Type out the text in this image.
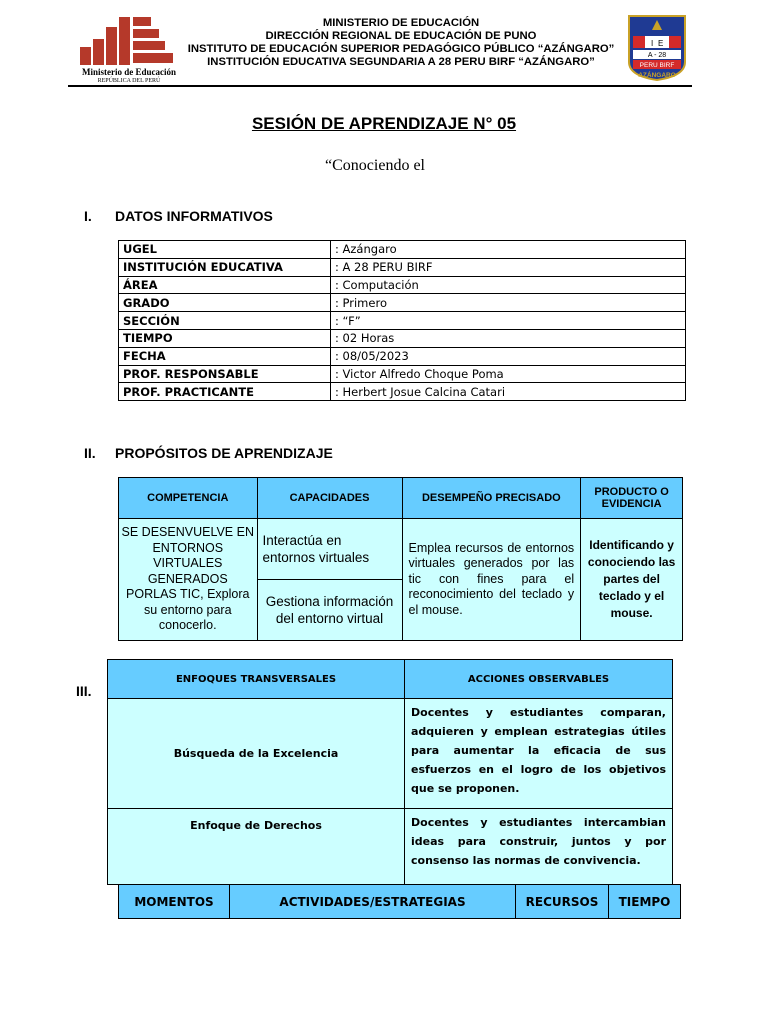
Ministerio de Educación
REPÚBLICA DEL PERÚ
MINISTERIO DE EDUCACIÓN
DIRECCIÓN REGIONAL DE EDUCACIÓN DE PUNO
INSTITUTO DE EDUCACIÓN SUPERIOR PEDAGÓGICO PÚBLICO “AZÁNGARO”
INSTITUCIÓN EDUCATIVA SEGUNDARIA A 28 PERU BIRF “AZÁNGARO”
I E
A - 28
PERU BIRF
AZÁNGARO
SESIÓN DE APRENDIZAJE N° 05
“Conociendo el
I. DATOS INFORMATIVOS
UGEL	: Azángaro
INSTITUCIÓN EDUCATIVA	: A 28 PERU BIRF
ÁREA	: Computación
GRADO	: Primero
SECCIÓN	: “F”
TIEMPO	: 02 Horas
FECHA	: 08/05/2023
PROF. RESPONSABLE	: Victor Alfredo Choque Poma
PROF. PRACTICANTE	: Herbert Josue Calcina Catari
II. PROPÓSITOS DE APRENDIZAJE
COMPETENCIA	CAPACIDADES	DESEMPEÑO PRECISADO	PRODUCTO O EVIDENCIA
SE DESENVUELVE EN ENTORNOS VIRTUALES GENERADOS PORLAS TIC, Explora su entorno para conocerlo.	Interactúa en entornos virtuales	Emplea recursos de entornos virtuales generados por las tic con fines para el reconocimiento del teclado y el mouse.	Identificando y conociendo las partes del teclado y el mouse.
	Gestiona información del entorno virtual		
III.
ENFOQUES TRANSVERSALES	ACCIONES OBSERVABLES
Búsqueda de la Excelencia	Docentes y estudiantes comparan, adquieren y emplean estrategias útiles para aumentar la eficacia de sus esfuerzos en el logro de los objetivos que se proponen.
Enfoque de Derechos	Docentes y estudiantes intercambian ideas para construir, juntos y por consenso las normas de convivencia.
MOMENTOS	ACTIVIDADES/ESTRATEGIAS	RECURSOS	TIEMPO
